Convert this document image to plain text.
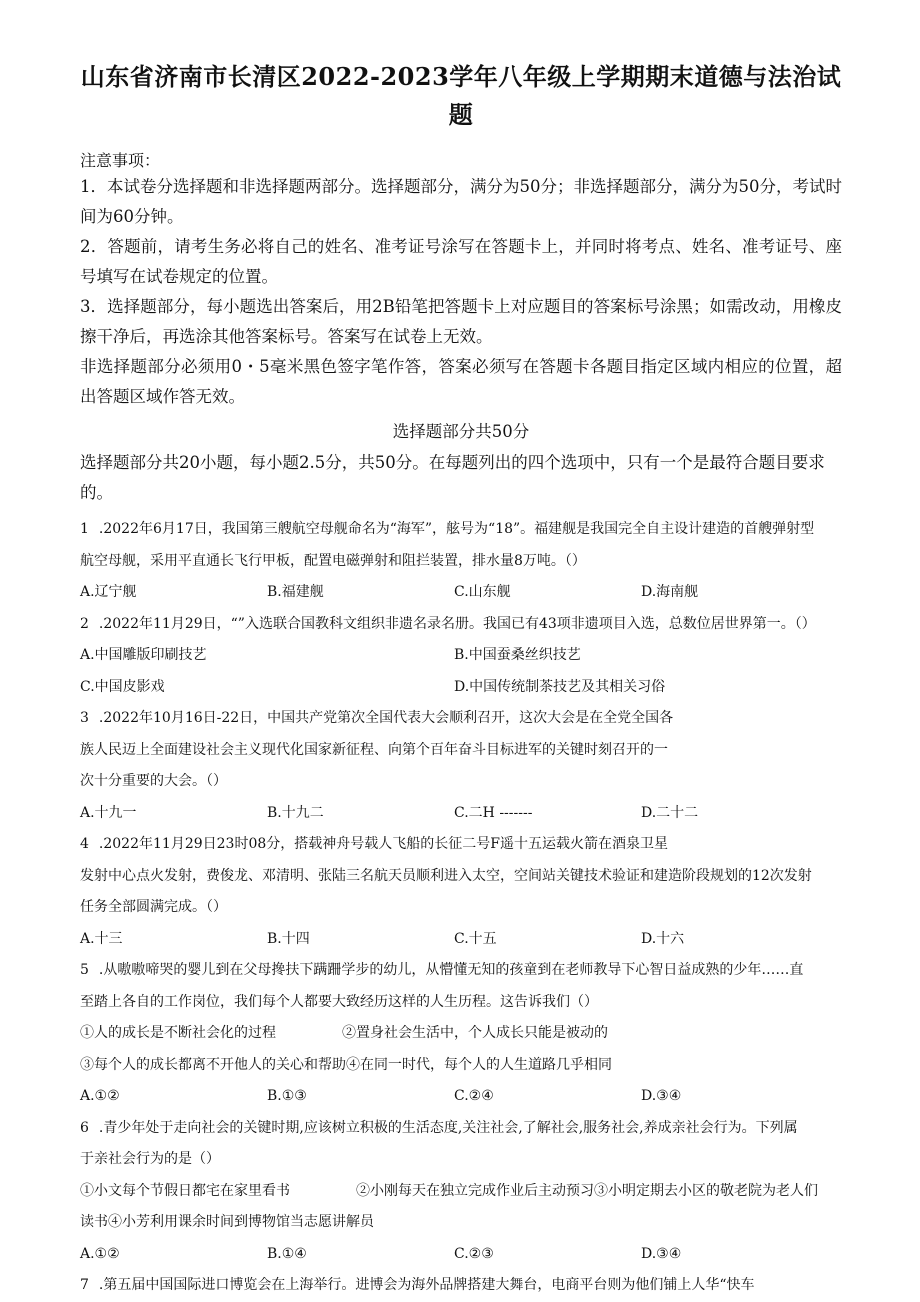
山东省济南市长清区2022-2023学年八年级上学期期末道德与法治试
题
注意事项：

1．本试卷分选择题和非选择题两部分。选择题部分，满分为50分；非选择题部分，满分为50分，考试时间为60分钟。

2．答题前，请考生务必将自己的姓名、准考证号涂写在答题卡上，并同时将考点、姓名、准考证号、座号填写在试卷规定的位置。

3．选择题部分，每小题选出答案后，用2B铅笔把答题卡上对应题目的答案标号涂黑；如需改动，用橡皮擦干净后，再选涂其他答案标号。答案写在试卷上无效。

非选择题部分必须用0・5毫米黑色签字笔作答，答案必须写在答题卡各题目指定区域内相应的位置，超出答题区域作答无效。

选择题部分共50分

选择题部分共20小题，每小题2.5分，共50分。在每题列出的四个选项中，只有一个是最符合题目要求的。

1 .2022年6月17日，我国第三艘航空母舰命名为“海军”，舷号为“18”。福建舰是我国完全自主设计建造的首艘弹射型

航空母舰，采用平直通长飞行甲板，配置电磁弹射和阻拦装置，排水量8万吨。（）

A.辽宁舰	B.福建舰	C.山东舰	D.海南舰

2 .2022年11月29日，“”入选联合国教科文组织非遗名录名册。我国已有43项非遗项目入选，总数位居世界第一。（）

A.中国雕版印刷技艺	B.中国蚕桑丝织技艺
C.中国皮影戏	D.中国传统制茶技艺及其相关习俗

3 .2022年10月16日-22日，中国共产党第次全国代表大会顺利召开，这次大会是在全党全国各

族人民迈上全面建设社会主义现代化国家新征程、向第个百年奋斗目标进军的关键时刻召开的一

次十分重要的大会。（）

A.十九一	B.十九二	C.二H -------	D.二十二

4 .2022年11月29日23时08分，搭载神舟号载人飞船的长征二号F遥十五运载火箭在酒泉卫星

发射中心点火发射，费俊龙、邓清明、张陆三名航天员顺利进入太空，空间站关键技术验证和建造阶段规划的12次发射

任务全部圆满完成。（）

A.十三	B.十四	C.十五	D.十六

5 .从嗷嗷啼哭的婴儿到在父母搀扶下蹒跚学步的幼儿，从懵懂无知的孩童到在老师教导下心智日益成熟的少年……直

至踏上各自的工作岗位，我们每个人都要大致经历这样的人生历程。这告诉我们（）

①人的成长是不断社会化的过程	②置身社会生活中，个人成长只能是被动的

③每个人的成长都离不开他人的关心和帮助④在同一时代，每个人的人生道路几乎相同

A.①②	B.①③	C.②④	D.③④

6 .青少年处于走向社会的关键时期,应该树立积极的生活态度,关注社会,了解社会,服务社会,养成亲社会行为。下列属

于亲社会行为的是（）

①小文每个节假日都宅在家里看书	②小刚每天在独立完成作业后主动预习③小明定期去小区的敬老院为老人们

读书④小芳利用课余时间到博物馆当志愿讲解员

A.①②	B.①④	C.②③	D.③④

7 .第五届中国国际进口博览会在上海举行。进博会为海外品牌搭建大舞台，电商平台则为他们铺上人华“快车
